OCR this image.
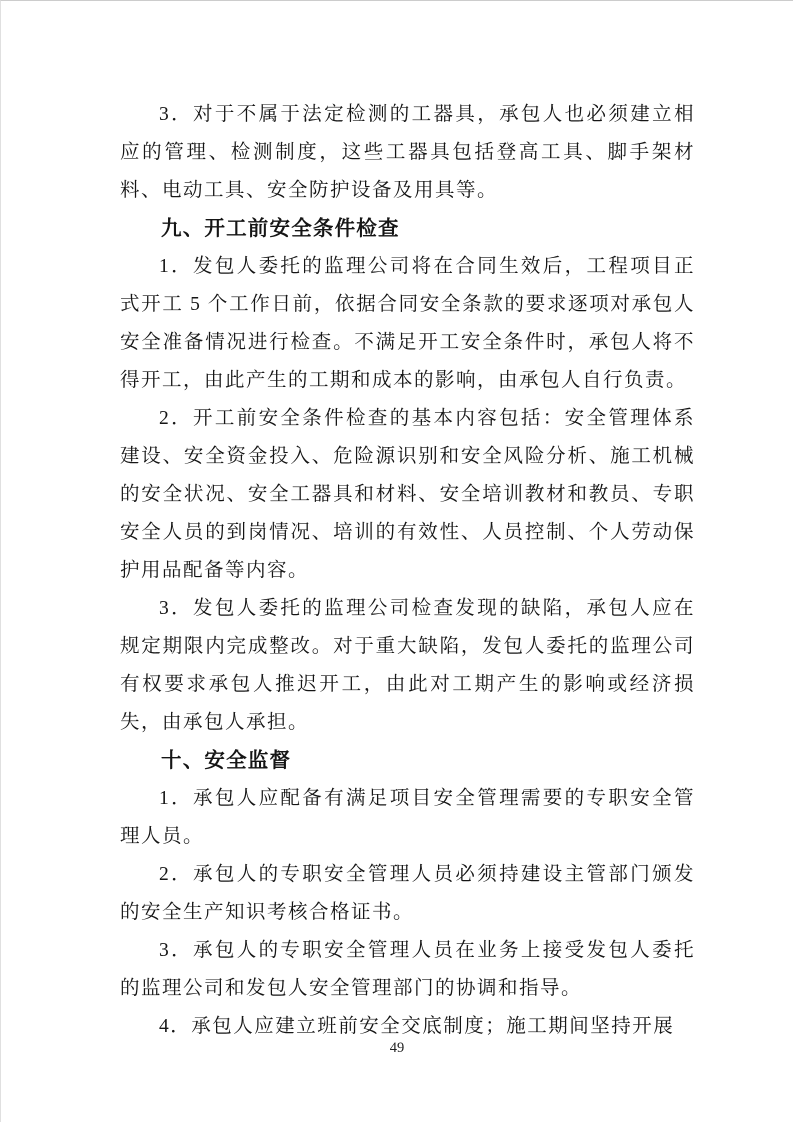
3．对于不属于法定检测的工器具，承包人也必须建立相应的管理、检测制度，这些工器具包括登高工具、脚手架材料、电动工具、安全防护设备及用具等。

九、开工前安全条件检查

1．发包人委托的监理公司将在合同生效后，工程项目正式开工 5 个工作日前，依据合同安全条款的要求逐项对承包人安全准备情况进行检查。不满足开工安全条件时，承包人将不得开工，由此产生的工期和成本的影响，由承包人自行负责。

2．开工前安全条件检查的基本内容包括：安全管理体系建设、安全资金投入、危险源识别和安全风险分析、施工机械的安全状况、安全工器具和材料、安全培训教材和教员、专职安全人员的到岗情况、培训的有效性、人员控制、个人劳动保护用品配备等内容。

3．发包人委托的监理公司检查发现的缺陷，承包人应在规定期限内完成整改。对于重大缺陷，发包人委托的监理公司有权要求承包人推迟开工，由此对工期产生的影响或经济损失，由承包人承担。

十、安全监督

1．承包人应配备有满足项目安全管理需要的专职安全管理人员。

2．承包人的专职安全管理人员必须持建设主管部门颁发的安全生产知识考核合格证书。

3．承包人的专职安全管理人员在业务上接受发包人委托的监理公司和发包人安全管理部门的协调和指导。

4．承包人应建立班前安全交底制度；施工期间坚持开展

49
